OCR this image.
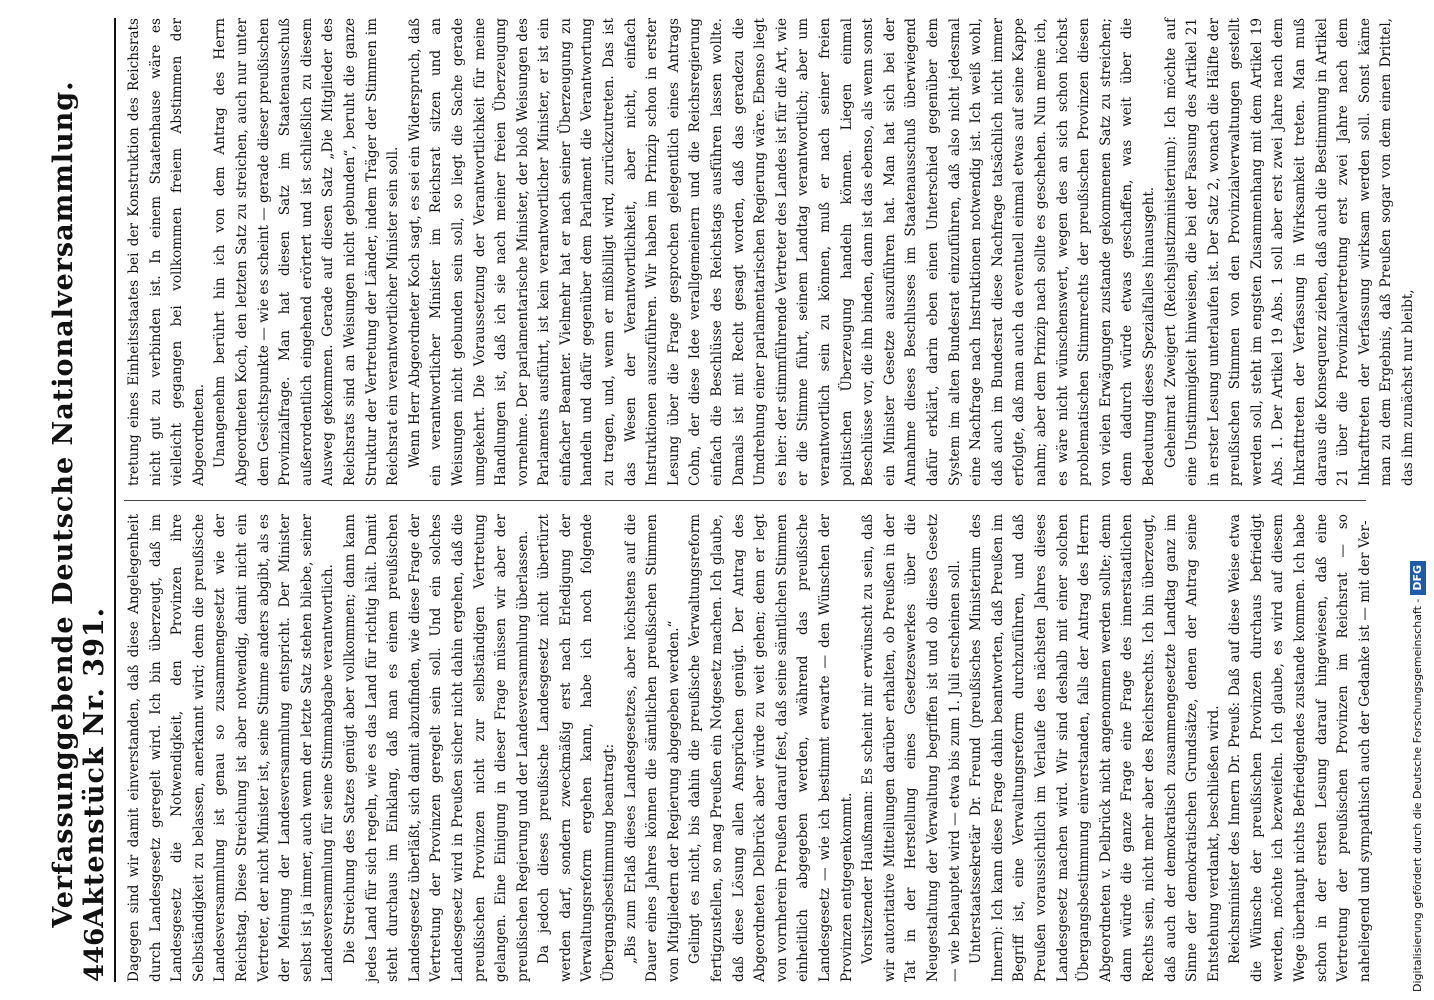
446
Verfassunggebende Deutsche Nationalversammlung. Aktenstück Nr. 391. Dagegen sind wir damit einverstanden, daß diese Angelegenheit durch Landesgesetz geregelt wird. Ich bin überzeugt, daß im Landesgesetz die Notwendigkeit, den Provinzen ihre Selbständigkeit zu belassen, anerkannt wird; denn die preußische Landesversammlung ist genau so zusammengesetzt wie der Reichstag. Diese Streichung ist aber notwendig, damit nicht ein Vertreter, der nicht Minister ist, seine Stimme anders abgibt, als es der Meinung der Landesversammlung entspricht. Der Minister selbst ist ja immer, auch wenn der letzte Satz stehen bliebe, seiner Landesversammlung für seine Stimmabgabe verantwortlich. Die Streichung des Satzes genügt aber vollkommen; dann kann jedes Land für sich regeln, wie es das Land für richtig hält. Damit steht durchaus im Einklang, daß man es einem preußischen Landesgesetz überläßt, sich damit abzufinden, wie diese Frage der Vertretung der Provinzen geregelt sein soll. Und ein solches Landesgesetz wird in Preußen sicher nicht dahin ergehen, daß die preußischen Provinzen nicht zur selbständigen Vertretung gelangen. Eine Einigung in dieser Frage müssen wir aber der preußischen Regierung und der Landesversammlung überlassen. Da jedoch dieses preußische Landesgesetz nicht übertürzt werden darf, sondern zweckmäßig erst nach Erledigung der Verwaltungsreform ergehen kann, habe ich noch folgende Übergangsbestimmung beantragt: „Bis zum Erlaß dieses Landesgesetzes, aber höchstens auf die Dauer eines Jahres können die sämtlichen preußischen Stimmen von Mitgliedern der Regierung abgegeben werden.“ Gelingt es nicht, bis dahin die preußische Verwaltungsreform fertigzustellen, so mag Preußen ein Notgesetz machen. Ich glaube, daß diese Lösung allen Ansprüchen genügt. Der Antrag des Abgeordneten Delbrück aber würde zu weit gehen; denn er legt von vornherein Preußen darauf fest, daß seine sämtlichen Stimmen einheitlich abgegeben werden, während das preußische Landesgesetz — wie ich bestimmt erwarte — den Wünschen der Provinzen entgegenkommt. Vorsitzender Haußmann: Es scheint mir erwünscht zu sein, daß wir autoritative Mitteilungen darüber erhalten, ob Preußen in der Tat in der Herstellung eines Gesetzeswerkes über die Neugestaltung der Verwaltung begriffen ist und ob dieses Gesetz — wie behauptet wird — etwa bis zum 1. Juli erscheinen soll. Unterstaatssekretär Dr. Freund (preußisches Ministerium des Innern): Ich kann diese Frage dahin beantworten, daß Preußen im Begriff ist, eine Verwaltungsreform durchzuführen, und daß Preußen voraussichtlich im Verlaufe des nächsten Jahres dieses Landesgesetz machen wird. Wir sind deshalb mit einer solchen Übergangsbestimmung einverstanden, falls der Antrag des Herrn Abgeordneten v. Delbrück nicht angenommen werden sollte; denn dann würde die ganze Frage eine Frage des innerstaatlichen Rechts sein, nicht mehr aber des Reichsrechts. Ich bin überzeugt, daß auch der demokratisch zusammengesetzte Landtag ganz im Sinne der demokratischen Grundsätze, denen der Antrag seine Entstehung verdankt, beschließen wird. Reichsminister des Innern Dr. Preuß: Daß auf diese Weise etwa die Wünsche der preußischen Provinzen durchaus befriedigt werden, möchte ich bezweifeln. Ich glaube, es wird auf diesem Wege überhaupt nichts Befriedigendes zustande kommen. Ich habe schon in der ersten Lesung darauf hingewiesen, daß eine Vertretung der preußischen Provinzen im Reichsrat — so naheliegend und sympathisch auch der Gedanke ist — mit der Ver-

tretung eines Einheitsstaates bei der Konstruktion des Reichsrats nicht gut zu verbinden ist. In einem Staatenhause wäre es vielleicht gegangen bei vollkommen freiem Abstimmen der Abgeordneten. Unangenehm berührt hin ich von dem Antrag des Herrn Abgeordneten Koch, den letzten Satz zu streichen, auch nur unter dem Gesichtspunkte — wie es scheint — gerade dieser preußischen Provinzialfrage. Man hat diesen Satz im Staatenausschuß außerordentlich eingehend erörtert und ist schließlich zu diesem Ausweg gekommen. Gerade auf diesen Satz „Die Mitglieder des Reichsrats sind an Weisungen nicht gebunden“, beruht die ganze Struktur der Vertretung der Länder, indem Träger der Stimmen im Reichsrat ein verantwortlicher Minister sein soll. Wenn Herr Abgeordneter Koch sagt, es sei ein Widerspruch, daß ein verantwortlicher Minister im Reichsrat sitzen und an Weisungen nicht gebunden sein soll, so liegt die Sache gerade umgekehrt. Die Voraussetzung der Verantwortlichkeit für meine Handlungen ist, daß ich sie nach meiner freien Überzeugung vornehme. Der parlamentarische Minister, der bloß Weisungen des Parlaments ausführt, ist kein verantwortlicher Minister, er ist ein einfacher Beamter. Vielmehr hat er nach seiner Überzeugung zu handeln und dafür gegenüber dem Parlament die Verantwortung zu tragen, und, wenn er mißbilligt wird, zurückzutreten. Das ist das Wesen der Verantwortlichkeit, aber nicht, einfach Instruktionen auszuführen. Wir haben im Prinzip schon in erster Lesung über die Frage gesprochen gelegentlich eines Antrags Cohn, der diese Idee verallgemeinern und die Reichsregierung einfach die Beschlüsse des Reichstags ausführen lassen wollte. Damals ist mit Recht gesagt worden, daß das geradezu die Umdrehung einer parlamentarischen Regierung wäre. Ebenso liegt es hier: der stimmführende Vertreter des Landes ist für die Art, wie er die Stimme führt, seinem Landtag verantwortlich; aber um verantwortlich sein zu können, muß er nach seiner freien politischen Überzeugung handeln können. Liegen einmal Beschlüsse vor, die ihn binden, dann ist das ebenso, als wenn sonst ein Minister Gesetze auszuführen hat. Man hat sich bei der Annahme dieses Beschlusses im Staatenausschuß überwiegend dafür erklärt, darin eben einen Unterschied gegenüber dem System im alten Bundesrat einzuführen, daß also nicht jedesmal eine Nachfrage nach Instruktionen notwendig ist. Ich weiß wohl, daß auch im Bundesrat diese Nachfrage tatsächlich nicht immer erfolgte, daß man auch da eventuell einmal etwas auf seine Kappe nahm; aber dem Prinzip nach sollte es geschehen. Nun meine ich, es wäre nicht wünschenswert, wegen des an sich schon höchst problematischen Stimmrechts der preußischen Provinzen diesen von vielen Erwägungen zustande gekommenen Satz zu streichen; denn dadurch würde etwas geschaffen, was weit über die Bedeutung dieses Spezialfalles hinausgeht. Geheimrat Zweigert (Reichsjustizministerium): Ich möchte auf eine Unstimmigkeit hinweisen, die bei der Fassung des Artikel 21 in erster Lesung unterlaufen ist. Der Satz 2, wonach die Hälfte der preußischen Stimmen von den Provinzialverwaltungen gestellt werden soll, steht im engsten Zusammenhang mit dem Artikel 19 Abs. 1. Der Artikel 19 Abs. 1 soll aber erst zwei Jahre nach dem Inkrafttreten der Verfassung in Wirksamkeit treten. Man muß daraus die Konsequenz ziehen, daß auch die Bestimmung in Artikel 21 über die Provinzialvertretung erst zwei Jahre nach dem Inkrafttreten der Verfassung wirksam werden soll. Sonst käme man zu dem Ergebnis, daß Preußen sogar von dem einen Drittel, das ihm zunächst nur bleibt,

Digitalisierung gefördert durch die Deutsche Forschungsgemeinschaft -DFG
